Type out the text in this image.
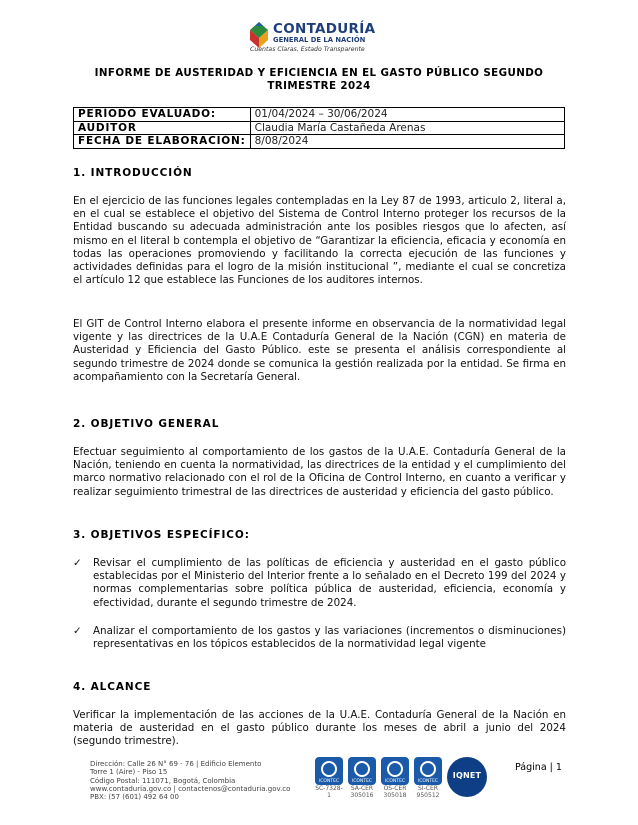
CONTADURÍA
GENERAL DE LA NACIÓN
Cuentas Claras, Estado Transparente
INFORME DE AUSTERIDAD Y EFICIENCIA EN EL GASTO PÚBLICO SEGUNDO TRIMESTRE 2024
PERÍODO EVALUADO:	01/04/2024 – 30/06/2024
AUDITOR	Claudia María Castañeda Arenas
FECHA DE ELABORACIÓN:	8/08/2024
1. INTRODUCCIÓN
En el ejercicio de las funciones legales contempladas en la Ley 87 de 1993, articulo 2, literal a, en el cual se establece el objetivo del Sistema de Control Interno proteger los recursos de la Entidad buscando su adecuada administración ante los posibles riesgos que lo afecten, así mismo en el literal b contempla el objetivo de “Garantizar la eficiencia, eficacia y economía en todas las operaciones promoviendo y facilitando la correcta ejecución de las funciones y actividades definidas para el logro de la misión institucional ”, mediante el cual se concretiza el artículo 12 que establece las Funciones de los auditores internos.
El GIT de Control Interno elabora el presente informe en observancia de la normatividad legal vigente y las directrices de la U.A.E Contaduría General de la Nación (CGN) en materia de Austeridad y Eficiencia del Gasto Público. este se presenta el análisis correspondiente al segundo trimestre de 2024 donde se comunica la gestión realizada por la entidad. Se firma en acompañamiento con la Secretaría General.
2. OBJETIVO GENERAL
Efectuar seguimiento al comportamiento de los gastos de la U.A.E. Contaduría General de la Nación, teniendo en cuenta la normatividad, las directrices de la entidad y el cumplimiento del marco normativo relacionado con el rol de la Oficina de Control Interno, en cuanto a verificar y realizar seguimiento trimestral de las directrices de austeridad y eficiencia del gasto público.
3. OBJETIVOS ESPECÍFICO:
✓	Revisar el cumplimiento de las políticas de eficiencia y austeridad en el gasto público establecidas por el Ministerio del Interior frente a lo señalado en el Decreto 199 del 2024 y normas complementarias sobre política pública de austeridad, eficiencia, economía y efectividad, durante el segundo trimestre de 2024.
✓	Analizar el comportamiento de los gastos y las variaciones (incrementos o disminuciones) representativas en los tópicos establecidos de la normatividad legal vigente
4. ALCANCE
Verificar la implementación de las acciones de la U.A.E. Contaduría General de la Nación en materia de austeridad en el gasto público durante los meses de abril a junio del 2024 (segundo trimestre).
Dirección: Calle 26 N° 69 - 76 | Edificio Elemento
Torre 1 (Aire) - Piso 15
Código Postal: 111071, Bogotá, Colombia
www.contaduria.gov.co | contactenos@contaduria.gov.co
PBX: (57 (601) 492 64 00
ICONTEC
SC-7328-1
ICONTEC
SA-CER 305016
ICONTEC
OS-CER 305018
ICONTEC
SI-CER 950512
IQNET
Página | 1
